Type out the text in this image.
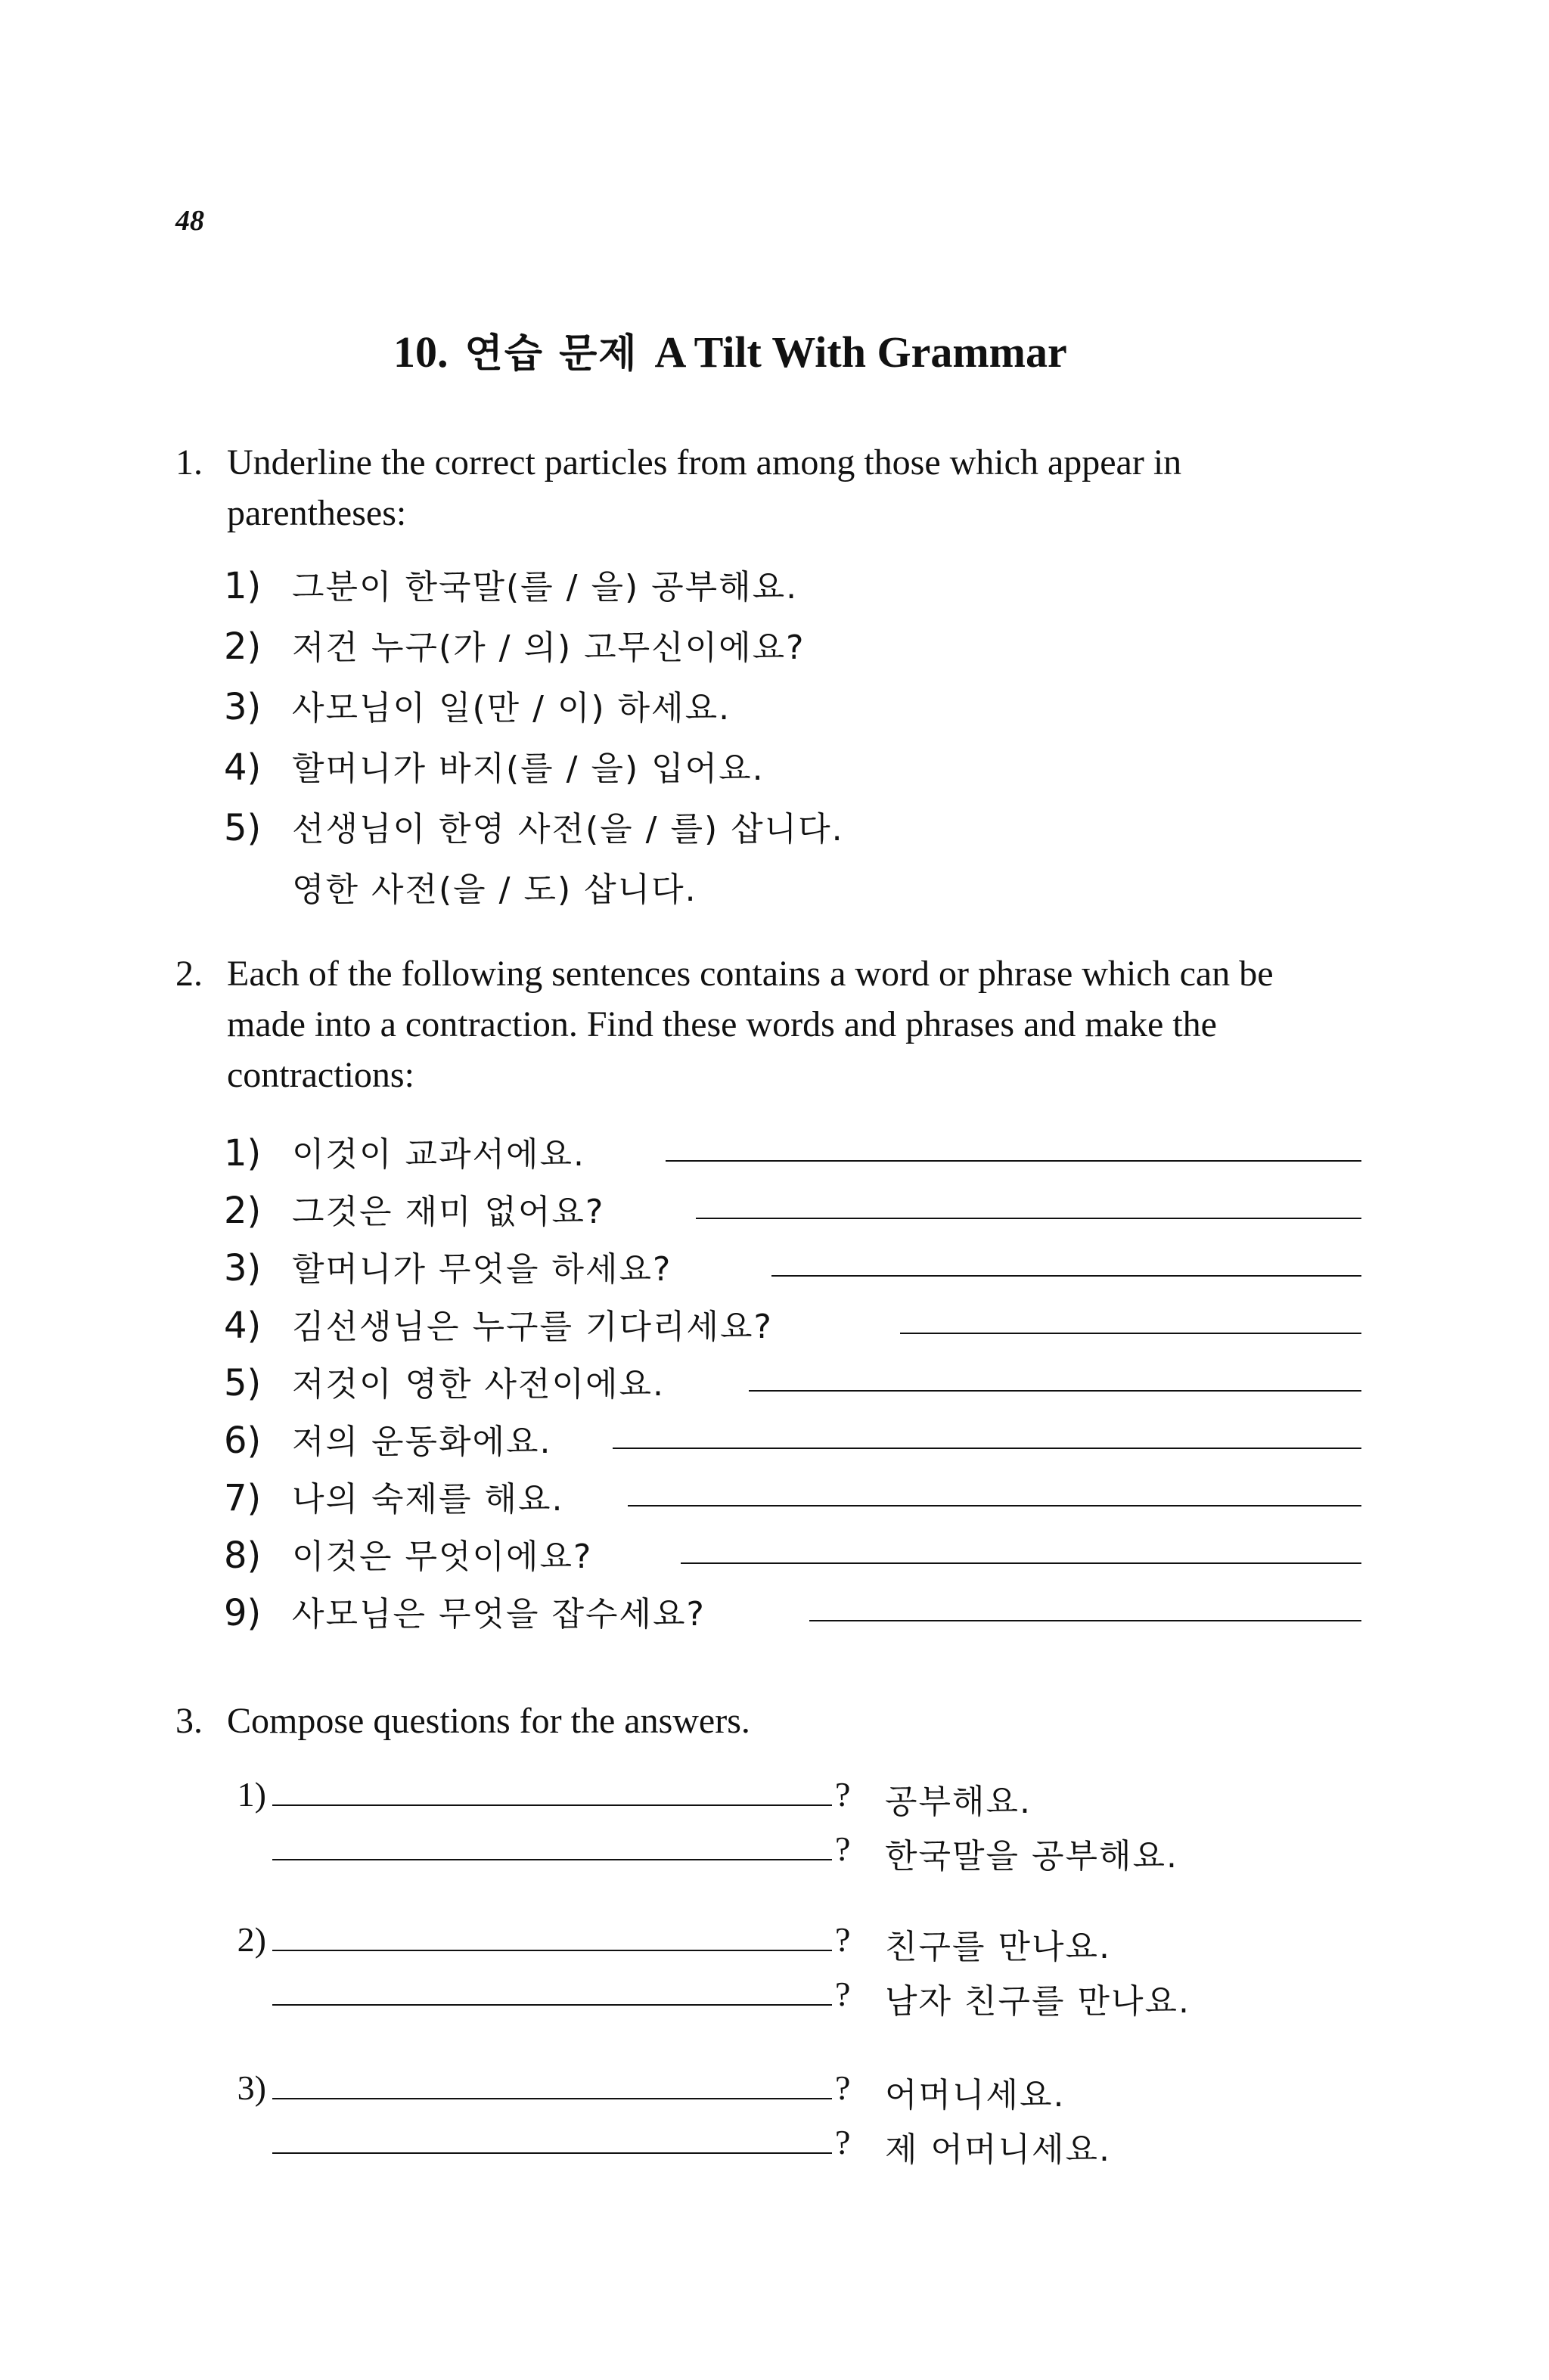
48
10. 연습 문제 A Tilt With Grammar
1. Underline the correct particles from among those which appear in parentheses:
1) 그분이 한국말(를 / 을) 공부해요.
2) 저건 누구(가 / 의) 고무신이에요?
3) 사모님이 일(만 / 이) 하세요.
4) 할머니가 바지(를 / 을) 입어요.
5) 선생님이 한영 사전(을 / 를) 삽니다.
영한 사전(을 / 도) 삽니다.
2. Each of the following sentences contains a word or phrase which can be made into a contraction. Find these words and phrases and make the contractions:
1) 이것이 교과서에요.
2) 그것은 재미 없어요?
3) 할머니가 무엇을 하세요?
4) 김선생님은 누구를 기다리세요?
5) 저것이 영한 사전이에요.
6) 저의 운동화에요.
7) 나의 숙제를 해요.
8) 이것은 무엇이에요?
9) 사모님은 무엇을 잡수세요?
3. Compose questions for the answers.
1)	? 공부해요.
? 한국말을 공부해요.
2)	? 친구를 만나요.
? 남자 친구를 만나요.
3)	? 어머니세요.
? 제 어머니세요.
